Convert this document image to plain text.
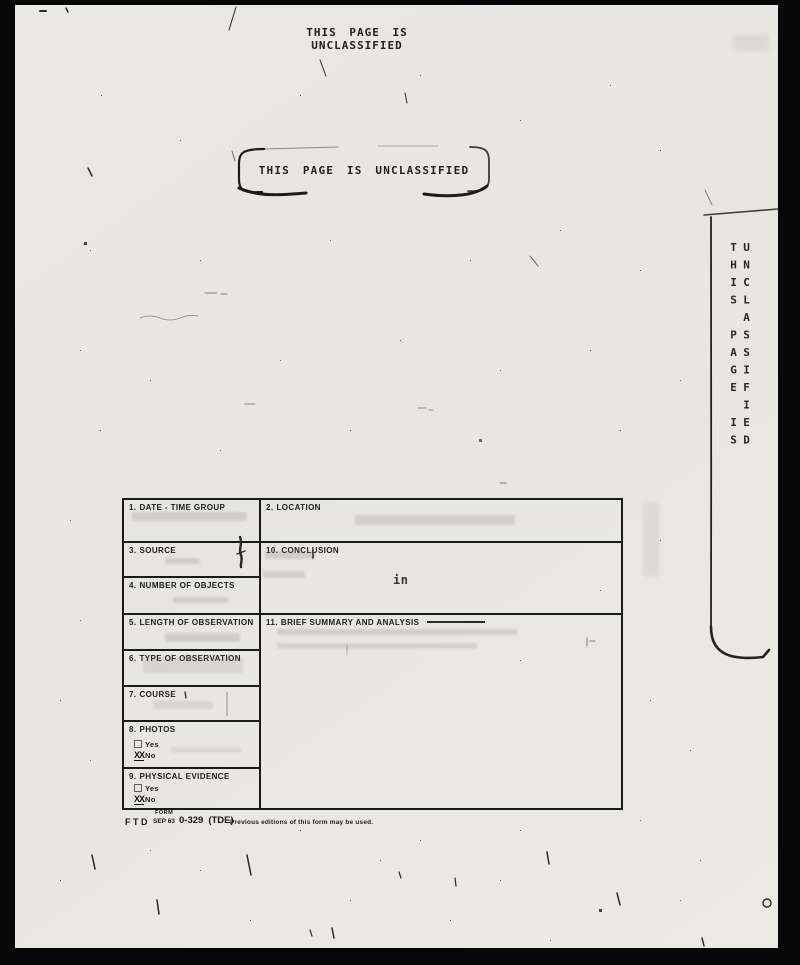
THIS PAGE IS UNCLASSIFIED
THIS PAGE IS UNCLASSIFIED
THIS PAGE IS UNCLASSIFIED
1. DATE - TIME GROUP
3. SOURCE
4. NUMBER OF OBJECTS
5. LENGTH OF OBSERVATION
6. TYPE OF OBSERVATION
7. COURSE
8. PHOTOS
Yes
XXNo
9. PHYSICAL EVIDENCE
Yes
XXNo
2. LOCATION
10. CONCLUSION
in
11. BRIEF SUMMARY AND ANALYSIS
FTD
FORM
SEP 63 0-329 (TDE)
Previous editions of this form may be used.
